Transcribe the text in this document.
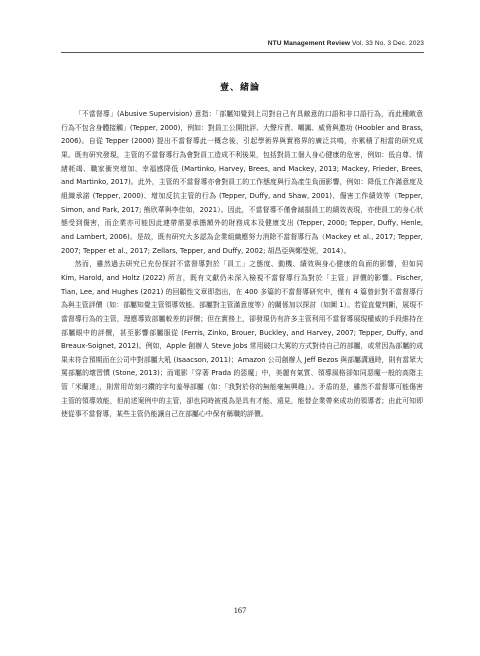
NTU Management Review Vol. 33 No. 3 Dec. 2023
壹、緒論

「不當督導」(Abusive Supervision) 意指：「部屬知覺到上司對自己有具敵意的口語和非口語行為，而此種敵意行為不包含身體接觸」(Tepper, 2000)，例如：對員工公開批評、大聲斥責、嘲諷、威脅與邀功 (Hoobler and Brass, 2006)。自從 Tepper (2000) 提出不當督導此一概念後，引起學術界與實務界的廣泛共鳴，亦累積了相當的研究成果。既有研究發現，主管的不當督導行為會對員工造成不利後果，包括對員工個人身心健康的危害，例如：低自尊、情緒耗竭、職家衝突增加、幸福感降低 (Martinko, Harvey, Brees, and Mackey, 2013; Mackey, Frieder, Brees, and Martinko, 2017)。此外，主管的不當督導亦會對員工的工作態度與行為產生負面影響，例如：降低工作滿意度及組織承諾 (Tepper, 2000)、增加反抗主管的行為 (Tepper, Duffy, and Shaw, 2001)、傷害工作績效等（Tepper, Simon, and Park, 2017; 熊欣華與李佳如，2021）。因此，不當督導不僅會減損員工的績效表現，亦使員工的身心狀態受到傷害，而企業亦可能因此連帶需要承擔額外的財務成本及健康支出 (Tepper, 2000; Tepper, Duffy, Henle, and Lambert, 2006)。是故，既有研究大多認為企業組織應努力消除不當督導行為（Mackey et al., 2017; Tepper, 2007; Tepper et al., 2017; Zellars, Tepper, and Duffy, 2002; 胡昌亞與鄭瑩妮，2014）。

然而，雖然過去研究已充份探討不當督導對於「員工」之態度、動機、績效與身心健康的負面的影響，但如同 Kim, Harold, and Holtz (2022) 所言，既有文獻仍未深入檢視不當督導行為對於「主管」評價的影響。Fischer, Tian, Lee, and Hughes (2021) 的回顧性文章即指出，在 400 多篇的不當督導研究中，僅有 4 篇曾針對不當督導行為與主管評價（如：部屬知覺主管領導效能、部屬對主管滿意度等）的關係加以探討（如圖 1）。若從直覺判斷，展現不當督導行為的主管，理應導致部屬較差的評價；但在實務上，卻發現仍有許多主管利用不當督導展現權威的手段維持在部屬眼中的評價，甚至影響部屬服從 (Ferris, Zinko, Brouer, Buckley, and Harvey, 2007; Tepper, Duffy, and Breaux-Soignet, 2012)。例如，Apple 創辦人 Steve Jobs 常用破口大罵的方式對待自己的部屬，或常因為部屬的成果未符合預期而在公司中對部屬大吼 (Isaacson, 2011)；Amazon 公司創辦人 Jeff Bezos 與部屬溝通時，則有當眾大罵部屬的壞習慣 (Stone, 2013)；而電影「穿著 Prada 的惡魔」中，美麗有氣質、領導風格卻如同惡魔一般的高階主管「米蘭達」，則常用苛刻刁鑽的字句羞辱部屬（如：「我對於你的無能毫無興趣」）。矛盾的是，雖然不當督導可能傷害主管的領導效能，但前述案例中的主管，卻也同時被視為是具有才能、遠見，能替企業帶來成功的領導者；由此可知即使從事不當督導，某些主管仍能讓自己在部屬心中保有稱職的評價。

167
